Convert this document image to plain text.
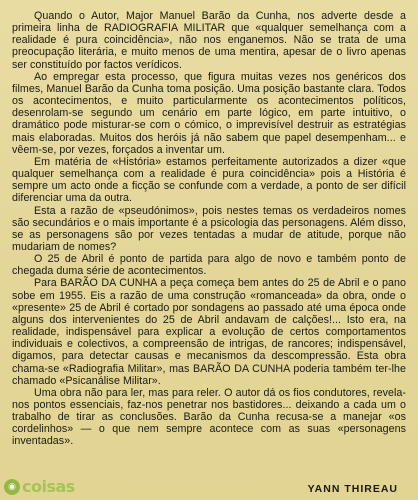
Quando o Autor, Major Manuel Barão da Cunha, nos adverte desde a primeira linha de RADIOGRAFIA MILITAR que «qualquer semelhança com a realidade é pura coincidência», não nos enganemos. Não se trata de uma preocupação literária, e muito menos de uma mentira, apesar de o livro apenas ser constituído por factos verídicos.

Ao empregar esta processo, que figura muitas vezes nos genéricos dos filmes, Manuel Barão da Cunha toma posição. Uma posição bastante clara. Todos os acontecimentos, e muito particularmente os acontecimentos políticos, desenrolam-se segundo um cenário em parte lógico, em parte intuitivo, o dramático pode misturar-se com o cómico, o imprevisível destruir as estratégias mais elaboradas. Muitos dos heróis já não sabem que papel desempenham... e vêem-se, por vezes, forçados a inventar um.

Em matéria de «História» estamos perfeitamente autorizados a dizer «que qualquer semelhança com a realidade é pura coincidência» pois a História é sempre um acto onde a ficção se confunde com a verdade, a ponto de ser difícil diferenciar uma da outra.

Esta a razão de «pseudónimos», pois nestes temas os verdadeiros nomes são secundários e o mais importante é a psicologia das personagens. Além disso, se as personagens são por vezes tentadas a mudar de atitude, porque não mudariam de nomes?

O 25 de Abril é ponto de partida para algo de novo e também ponto de chegada duma série de acontecimentos.

Para BARÃO DA CUNHA a peça começa bem antes do 25 de Abril e o pano sobe em 1955. Eis a razão de uma construção «romanceada» da obra, onde o «presente» 25 de Abril é cortado por sondagens ao passado até uma época onde alguns dos intervenientes do 25 de Abril andavam de calções!... Isto era, na realidade, indispensável para explicar a evolução de certos comportamentos individuais e colectivos, a compreensão de intrigas, de rancores; indispensável, digamos, para detectar causas e mecanismos da descompressão. Esta obra chama-se «Radiografia Militar», mas BARÃO DA CUNHA poderia também ter-lhe chamado «Psicanálise Militar».

Uma obra não para ler, mas para reler. O autor dá os fios condutores, revela-nos pontos essenciais, faz-nos penetrar nos bastidores... deixando a cada um o trabalho de tirar as conclusões. Barão da Cunha recusa-se a manejar «os cordelinhos» — o que nem sempre acontece com as suas «personagens inventadas».

◉ coisas	YANN THIREAU
